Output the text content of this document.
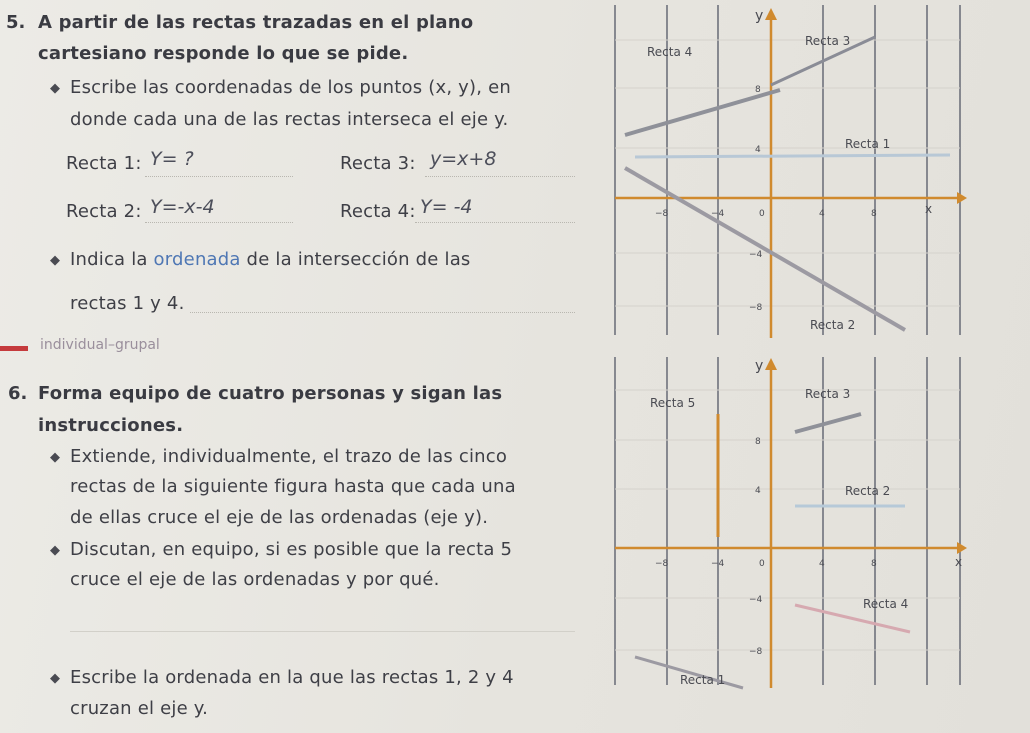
5. A partir de las rectas trazadas en el plano
cartesiano responde lo que se pide.
◆ Escribe las coordenadas de los puntos (x, y), en
donde cada una de las rectas interseca el eje y.
Recta 1: Y= ?	Recta 3: y=x+8
Recta 2: Y=-x-4	Recta 4: Y= -4
◆ Indica la ordenada de la intersección de las
rectas 1 y 4.
individual–grupal
6. Forma equipo de cuatro personas y sigan las
instrucciones.
◆ Extiende, individualmente, el trazo de las cinco
rectas de la siguiente figura hasta que cada una
de ellas cruce el eje de las ordenadas (eje y).
◆ Discutan, en equipo, si es posible que la recta 5
cruce el eje de las ordenadas y por qué.
◆ Escribe la ordenada en la que las rectas 1, 2 y 4
cruzan el eje y.
y
x
Recta 4
Recta 3
Recta 1
Recta 2
−8	−4	0	4	8
8
4
−4
−8
y
x
Recta 5
Recta 3
Recta 2
Recta 4
Recta 1
−8	−4	0	4	8
8
4
−4
−8
